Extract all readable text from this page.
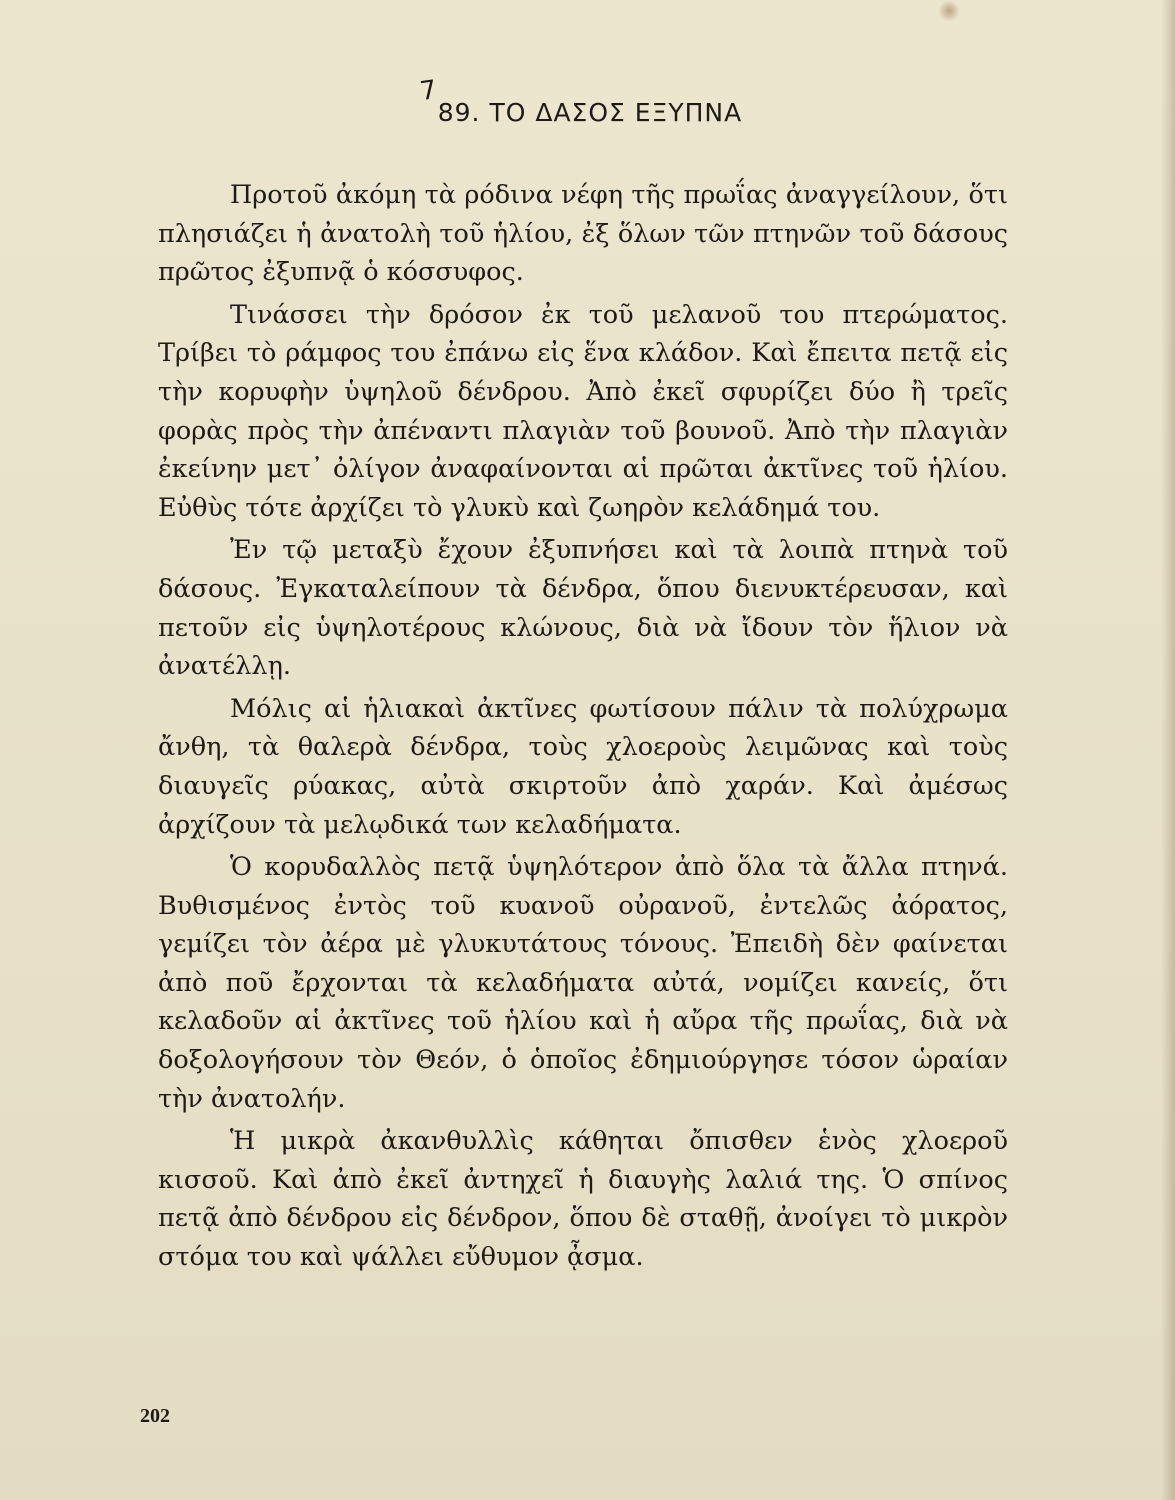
7
89. ΤΟ ΔΑΣΟΣ ΕΞΥΠΝΑ

Προτοῦ ἀκόμη τὰ ρόδινα νέφη τῆς πρωΐας ἀναγγείλουν, ὅτι πλησιάζει ἡ ἀνατολὴ τοῦ ἡλίου, ἐξ ὅλων τῶν πτηνῶν τοῦ δάσους πρῶτος ἐξυπνᾷ ὁ κόσσυφος.

Τινάσσει τὴν δρόσον ἐκ τοῦ μελανοῦ του πτερώματος. Τρίβει τὸ ράμφος του ἐπάνω εἰς ἕνα κλάδον. Καὶ ἔπειτα πετᾷ εἰς τὴν κορυφὴν ὑψηλοῦ δένδρου. Ἀπὸ ἐκεῖ σφυρίζει δύο ἢ τρεῖς φορὰς πρὸς τὴν ἀπέναντι πλαγιὰν τοῦ βουνοῦ. Ἀπὸ τὴν πλαγιὰν ἐκείνην μετ᾽ ὀλίγον ἀναφαίνονται αἱ πρῶται ἀκτῖνες τοῦ ἡλίου. Εὐθὺς τότε ἀρχίζει τὸ γλυκὺ καὶ ζωηρὸν κελάδημά του.

Ἐν τῷ μεταξὺ ἔχουν ἐξυπνήσει καὶ τὰ λοιπὰ πτηνὰ τοῦ δάσους. Ἐγκαταλείπουν τὰ δένδρα, ὅπου διενυκτέρευσαν, καὶ πετοῦν εἰς ὑψηλοτέρους κλώνους, διὰ νὰ ἴδουν τὸν ἥλιον νὰ ἀνατέλλῃ.

Μόλις αἱ ἡλιακαὶ ἀκτῖνες φωτίσουν πάλιν τὰ πολύχρωμα ἄνθη, τὰ θαλερὰ δένδρα, τοὺς χλοεροὺς λειμῶνας καὶ τοὺς διαυγεῖς ρύακας, αὐτὰ σκιρτοῦν ἀπὸ χαράν. Καὶ ἀμέσως ἀρχίζουν τὰ μελῳδικά των κελαδήματα.

Ὁ κορυδαλλὸς πετᾷ ὑψηλότερον ἀπὸ ὅλα τὰ ἄλλα πτηνά. Βυθισμένος ἐντὸς τοῦ κυανοῦ οὐρανοῦ, ἐντελῶς ἀόρατος, γεμίζει τὸν ἀέρα μὲ γλυκυτάτους τόνους. Ἐπειδὴ δὲν φαίνεται ἀπὸ ποῦ ἔρχονται τὰ κελαδήματα αὐτά, νομίζει κανείς, ὅτι κελαδοῦν αἱ ἀκτῖνες τοῦ ἡλίου καὶ ἡ αὔρα τῆς πρωΐας, διὰ νὰ δοξολογήσουν τὸν Θεόν, ὁ ὁποῖος ἐδημιούργησε τόσον ὡραίαν τὴν ἀνατολήν.

Ἡ μικρὰ ἀκανθυλλὶς κάθηται ὄπισθεν ἑνὸς χλοεροῦ κισσοῦ. Καὶ ἀπὸ ἐκεῖ ἀντηχεῖ ἡ διαυγὴς λαλιά της. Ὁ σπίνος πετᾷ ἀπὸ δένδρου εἰς δένδρον, ὅπου δὲ σταθῇ, ἀνοίγει τὸ μικρὸν στόμα του καὶ ψάλλει εὔθυμον ᾆσμα.

202
